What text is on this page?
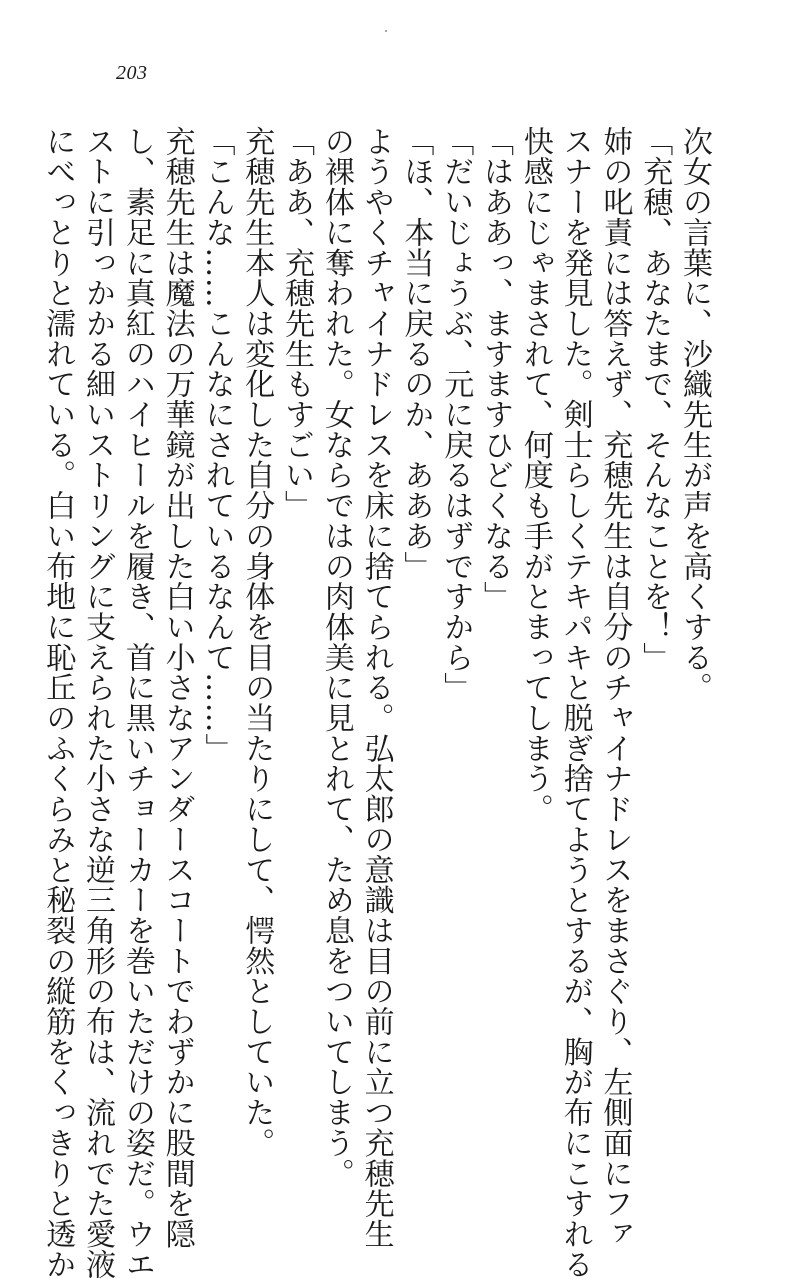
203
次女の言葉に、沙織先生が声を高くする。
「充穂、あなたまで、そんなことを！」
姉の叱責には答えず、充穂先生は自分のチャイナドレスをまさぐり、左側面にファ
スナーを発見した。剣士らしくテキパキと脱ぎ捨てようとするが、胸が布にこすれる
快感にじゃまされて、何度も手がとまってしまう。
「はああっ、ますますひどくなる」
「だいじょうぶ、元に戻るはずですから」
「ほ、本当に戻るのか、あああ」
ようやくチャイナドレスを床に捨てられる。弘太郎の意識は目の前に立つ充穂先生
の裸体に奪われた。女ならではの肉体美に見とれて、ため息をついてしまう。
「ああ、充穂先生もすごい」
充穂先生本人は変化した自分の身体を目の当たりにして、愕然としていた。
「こんな……こんなにされているなんて……」
充穂先生は魔法の万華鏡が出した白い小さなアンダースコートでわずかに股間を隠
し、素足に真紅のハイヒールを履き、首に黒いチョーカーを巻いただけの姿だ。ウエ
ストに引っかかる細いストリングに支えられた小さな逆三角形の布は、流れでた愛液
にべっとりと濡れている。白い布地に恥丘のふくらみと秘裂の縦筋をくっきりと透か
